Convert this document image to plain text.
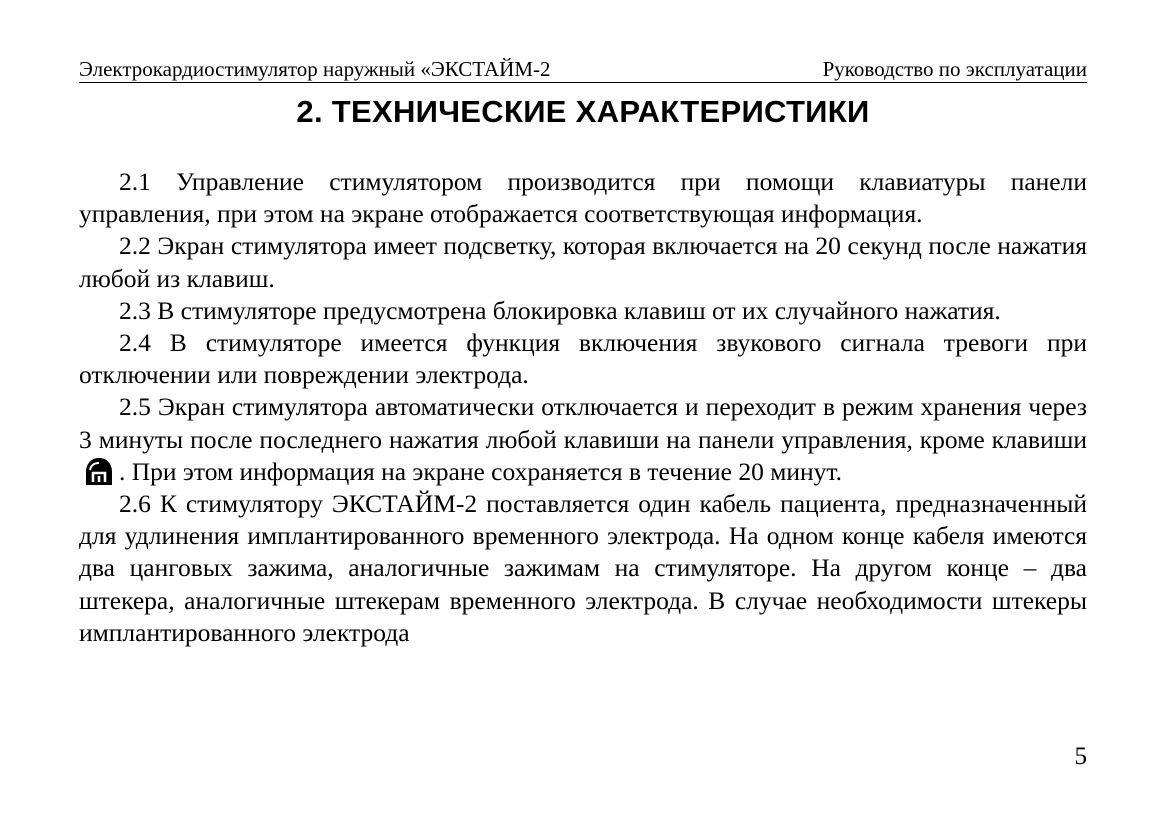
Электрокардиостимулятор наружный «ЭКСТАЙМ-2	Руководство по эксплуатации
2. ТЕХНИЧЕСКИЕ ХАРАКТЕРИСТИКИ

2.1 Управление стимулятором производится при помощи клавиатуры панели управления, при этом на экране отображается соответствующая информация.

2.2 Экран стимулятора имеет подсветку, которая включается на 20 секунд после нажатия любой из клавиш.

2.3 В стимуляторе предусмотрена блокировка клавиш от их случайного нажатия.

2.4 В стимуляторе имеется функция включения звукового сигнала тревоги при отключении или повреждении электрода.

2.5 Экран стимулятора автоматически отключается и переходит в режим хранения через 3 минуты после последнего нажатия любой клавиши на панели управления, кроме клавиши
. При этом информация на экране сохраняется в течение 20 минут.

2.6 К стимулятору ЭКСТАЙМ-2 поставляется один кабель пациента, предназначенный для удлинения имплантированного временного электрода. На одном конце кабеля имеются два цанговых зажима, аналогичные зажимам на стимуляторе. На другом конце – два штекера, аналогичные штекерам временного электрода. В случае необходимости штекеры имплантированного электрода

5
